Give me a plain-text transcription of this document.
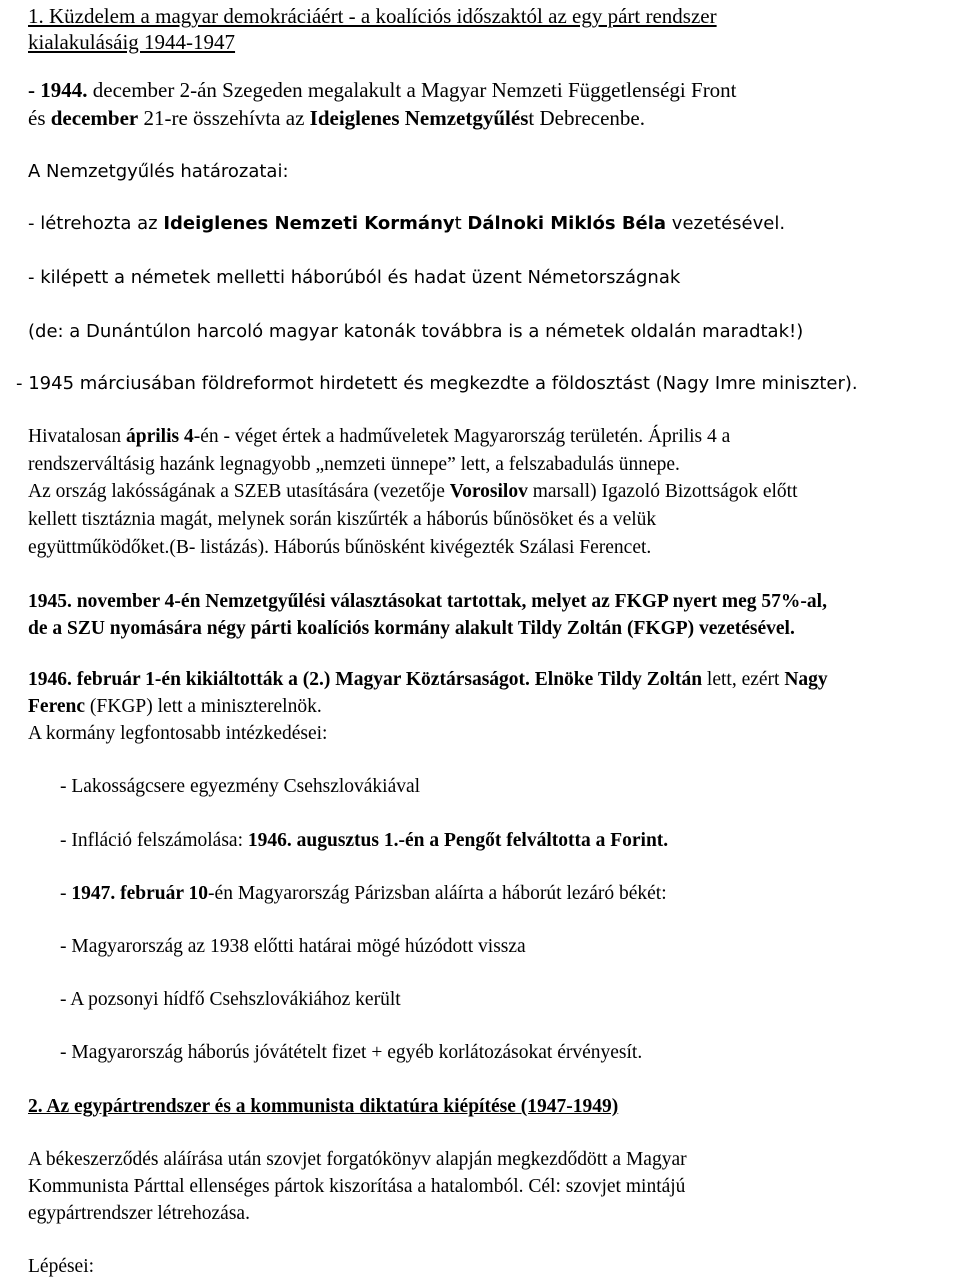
1. Küzdelem a magyar demokráciáért - a koalíciós időszaktól az egy párt rendszer
kialakulásáig 1944-1947
- 1944. december 2-án Szegeden megalakult a Magyar Nemzeti Függetlenségi Front
és december 21-re összehívta az Ideiglenes Nemzetgyűlést Debrecenbe.
A Nemzetgyűlés határozatai:
- létrehozta az Ideiglenes Nemzeti Kormányt Dálnoki Miklós Béla vezetésével.
- kilépett a németek melletti háborúból és hadat üzent Németországnak
(de: a Dunántúlon harcoló magyar katonák továbbra is a németek oldalán maradtak!)
- 1945 márciusában földreformot hirdetett és megkezdte a földosztást (Nagy Imre miniszter).
Hivatalosan április 4-én - véget értek a hadműveletek Magyarország területén. Április 4 a
rendszerváltásig hazánk legnagyobb „nemzeti ünnepe” lett, a felszabadulás ünnepe.
Az ország lakósságának a SZEB utasítására (vezetője Vorosilov marsall) Igazoló Bizottságok előtt
kellett tisztáznia magát, melynek során kiszűrték a háborús bűnösöket és a velük
együttműködőket.(B- listázás). Háborús bűnösként kivégezték Szálasi Ferencet.
1945. november 4-én Nemzetgyűlési választásokat tartottak, melyet az FKGP nyert meg 57%-al,
de a SZU nyomására négy párti koalíciós kormány alakult Tildy Zoltán (FKGP) vezetésével.
1946. február 1-én kikiáltották a (2.) Magyar Köztársaságot. Elnöke Tildy Zoltán lett, ezért Nagy
Ferenc (FKGP) lett a miniszterelnök.
A kormány legfontosabb intézkedései:
- Lakosságcsere egyezmény Csehszlovákiával
- Infláció felszámolása: 1946. augusztus 1.-én a Pengőt felváltotta a Forint.
- 1947. február 10-én Magyarország Párizsban aláírta a háborút lezáró békét:
- Magyarország az 1938 előtti határai mögé húzódott vissza
- A pozsonyi hídfő Csehszlovákiához került
- Magyarország háborús jóvátételt fizet + egyéb korlátozásokat érvényesít.
2. Az egypártrendszer és a kommunista diktatúra kiépítése (1947-1949)
A békeszerződés aláírása után szovjet forgatókönyv alapján megkezdődött a Magyar
Kommunista Párttal ellenséges pártok kiszorítása a hatalomból. Cél: szovjet mintájú
egypártrendszer létrehozása.
Lépései:
